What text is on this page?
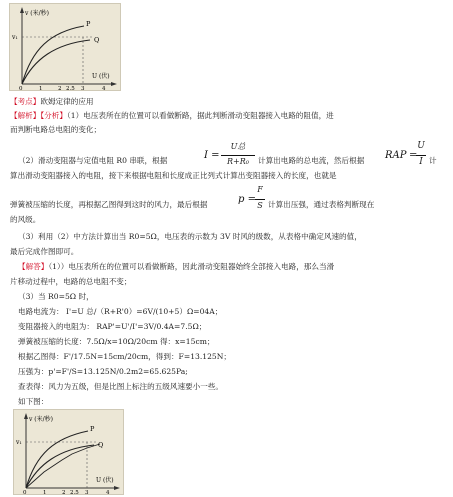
v (米/秒)
v₁
P
Q
U (伏)
0	1	2 2.5 3	4
【考点】欧姆定律的应用
【解析】【分析】（1）电压表所在的位置可以看做断路，据此判断滑动变阻器接入电路的阻值，进
而判断电路总电阻的变化；
（2）滑动变阻器与定值电阻 R0 串联，根据	I =
U总
R+R₀	计算出电路的总电流，然后根据 RAP =
U
I 计
算出滑动变阻器接入的电阻，接下来根据电阻和长度成正比列式计算出变阻器接入的长度，也就是
弹簧被压缩的长度，再根据乙图得到这时的风力，最后根据	p =
F
S 计算出压强，通过表格判断现在
的风级。
（3）利用（2）中方法计算出当 R0=5Ω，电压表的示数为 3V 时风的级数，从表格中确定风速的值，
最后完成作图即可。
【解答】（1））电压表所在的位置可以看做断路，因此滑动变阻器始终全部接入电路，那么当滑
片移动过程中，电路的总电阻不变；
（3）当 R0=5Ω 时，
电路电流为： I'=U 总/（R+R'0）=6V/(10+5）Ω=04A；
变阻器接入的电阻为： RAP'=U'/I'=3V/0.4A=7.5Ω；
弹簧被压缩的长度：7.5Ω/x=10Ω/20cm 得：x=15cm；
根据乙图得：F'/17.5N=15cm/20cm，得到：F=13.125N；
压强为：p'=F'/S=13.125N/0.2m2=65.625Pa;
查表得：风力为五级，但是比图上标注的五级风速要小一些。
如下图：
v (米/秒)
v₁
P
Q
U (伏)
0	1	2 2.5 3	4
